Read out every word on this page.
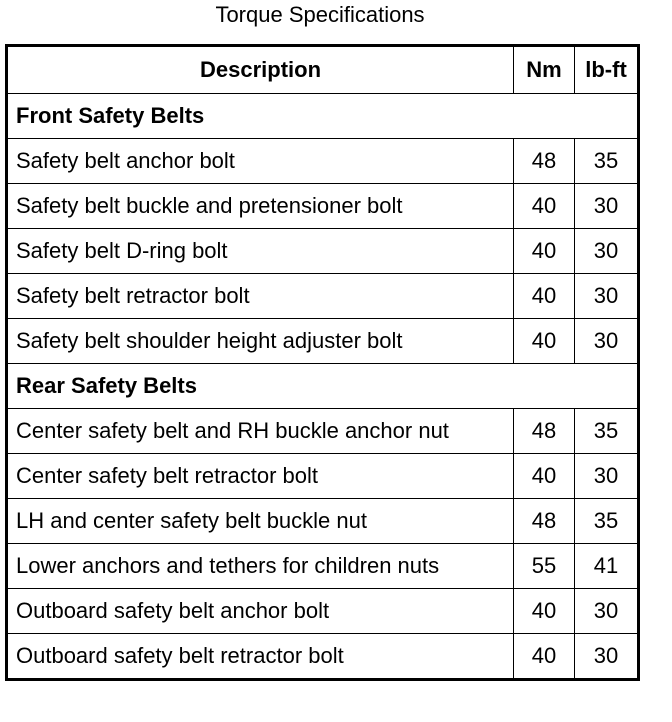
Torque Specifications
Description	Nm	lb-ft
Front Safety Belts		
Safety belt anchor bolt	48	35
Safety belt buckle and pretensioner bolt	40	30
Safety belt D-ring bolt	40	30
Safety belt retractor bolt	40	30
Safety belt shoulder height adjuster bolt	40	30
Rear Safety Belts		
Center safety belt and RH buckle anchor nut	48	35
Center safety belt retractor bolt	40	30
LH and center safety belt buckle nut	48	35
Lower anchors and tethers for children nuts	55	41
Outboard safety belt anchor bolt	40	30
Outboard safety belt retractor bolt	40	30
